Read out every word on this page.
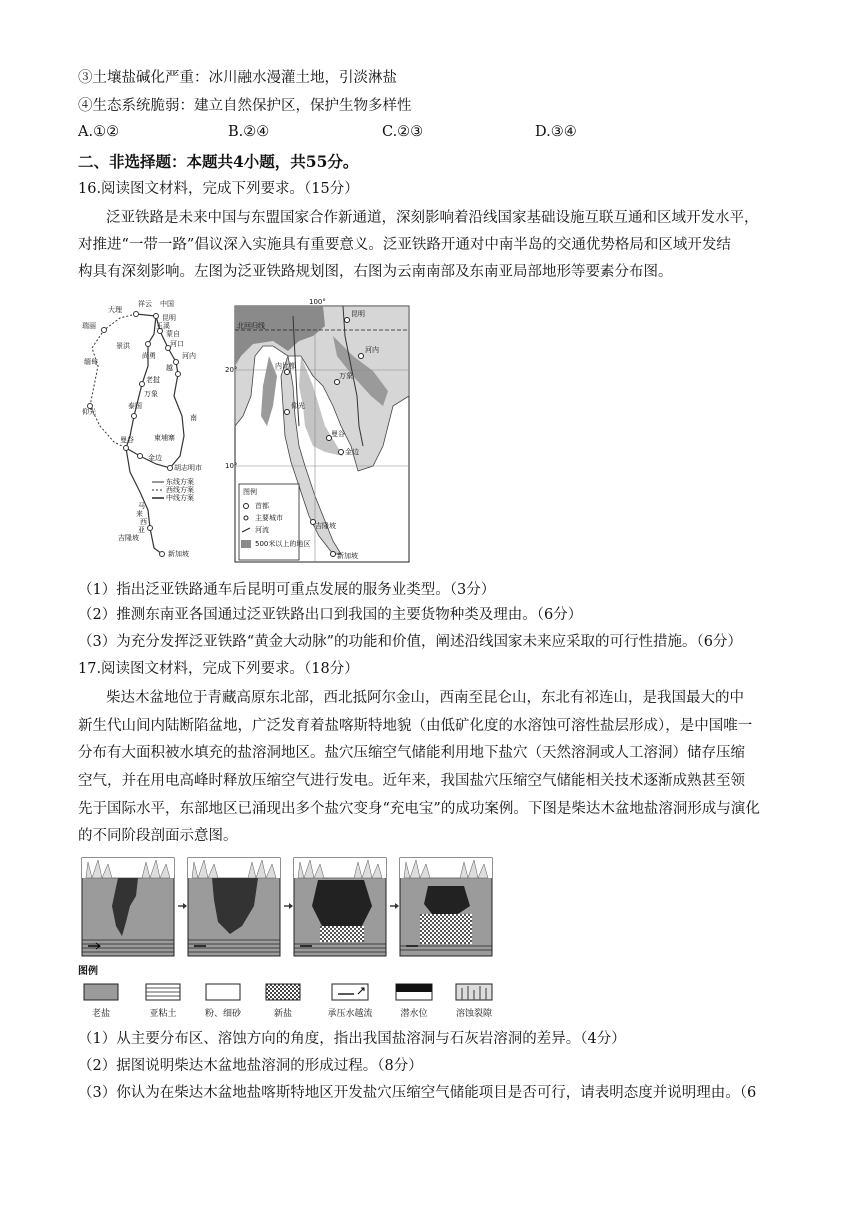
③土壤盐碱化严重：冰川融水漫灌土地，引淡淋盐
④生态系统脆弱：建立自然保护区，保护生物多样性
A.①②	B.②④	C.②③	D.③④
二、非选择题：本题共4小题，共55分。
16.阅读图文材料，完成下列要求。（15分）
泛亚铁路是未来中国与东盟国家合作新通道，深刻影响着沿线国家基础设施互联互通和区域开发水平，
对推进“一带一路”倡议深入实施具有重要意义。泛亚铁路开通对中南半岛的交通优势格局和区域开发结
构具有深刻影响。左图为泛亚铁路规划图，右图为云南南部及东南亚局部地形等要素分布图。
大理
祥云 中国
昆明
玉溪
瑞丽
蒙自
景洪	河口
缅甸
尚勇	河内
老挝
越
万象
泰国
仰光
南
曼谷	柬埔寨
金边
胡志明市
马
来
西
亚
吉隆坡
新加坡
东线方案
西线方案
中线方案
100°
北回归线
昆明
河内
内比都
20°
万象
仰光
曼谷
金边
10°
吉隆坡
新加坡
图例
首都
主要城市
河流
500米以上的地区
（1）指出泛亚铁路通车后昆明可重点发展的服务业类型。（3分）
（2）推测东南亚各国通过泛亚铁路出口到我国的主要货物种类及理由。（6分）
（3）为充分发挥泛亚铁路“黄金大动脉”的功能和价值，阐述沿线国家未来应采取的可行性措施。（6分）
17.阅读图文材料，完成下列要求。（18分）
柴达木盆地位于青藏高原东北部，西北抵阿尔金山，西南至昆仑山，东北有祁连山，是我国最大的中
新生代山间内陆断陷盆地，广泛发育着盐喀斯特地貌（由低矿化度的水溶蚀可溶性盐层形成），是中国唯一
分布有大面积被水填充的盐溶洞地区。盐穴压缩空气储能利用地下盐穴（天然溶洞或人工溶洞）储存压缩
空气，并在用电高峰时释放压缩空气进行发电。近年来，我国盐穴压缩空气储能相关技术逐渐成熟甚至领
先于国际水平，东部地区已涌现出多个盐穴变身“充电宝”的成功案例。下图是柴达木盆地盐溶洞形成与演化
的不同阶段剖面示意图。
图例
老盐	亚粘土	粉、细砂	新盐	承压水越流	潜水位	溶蚀裂隙
（1）从主要分布区、溶蚀方向的角度，指出我国盐溶洞与石灰岩溶洞的差异。（4分）
（2）据图说明柴达木盆地盐溶洞的形成过程。（8分）
（3）你认为在柴达木盆地盐喀斯特地区开发盐穴压缩空气储能项目是否可行，请表明态度并说明理由。（6
